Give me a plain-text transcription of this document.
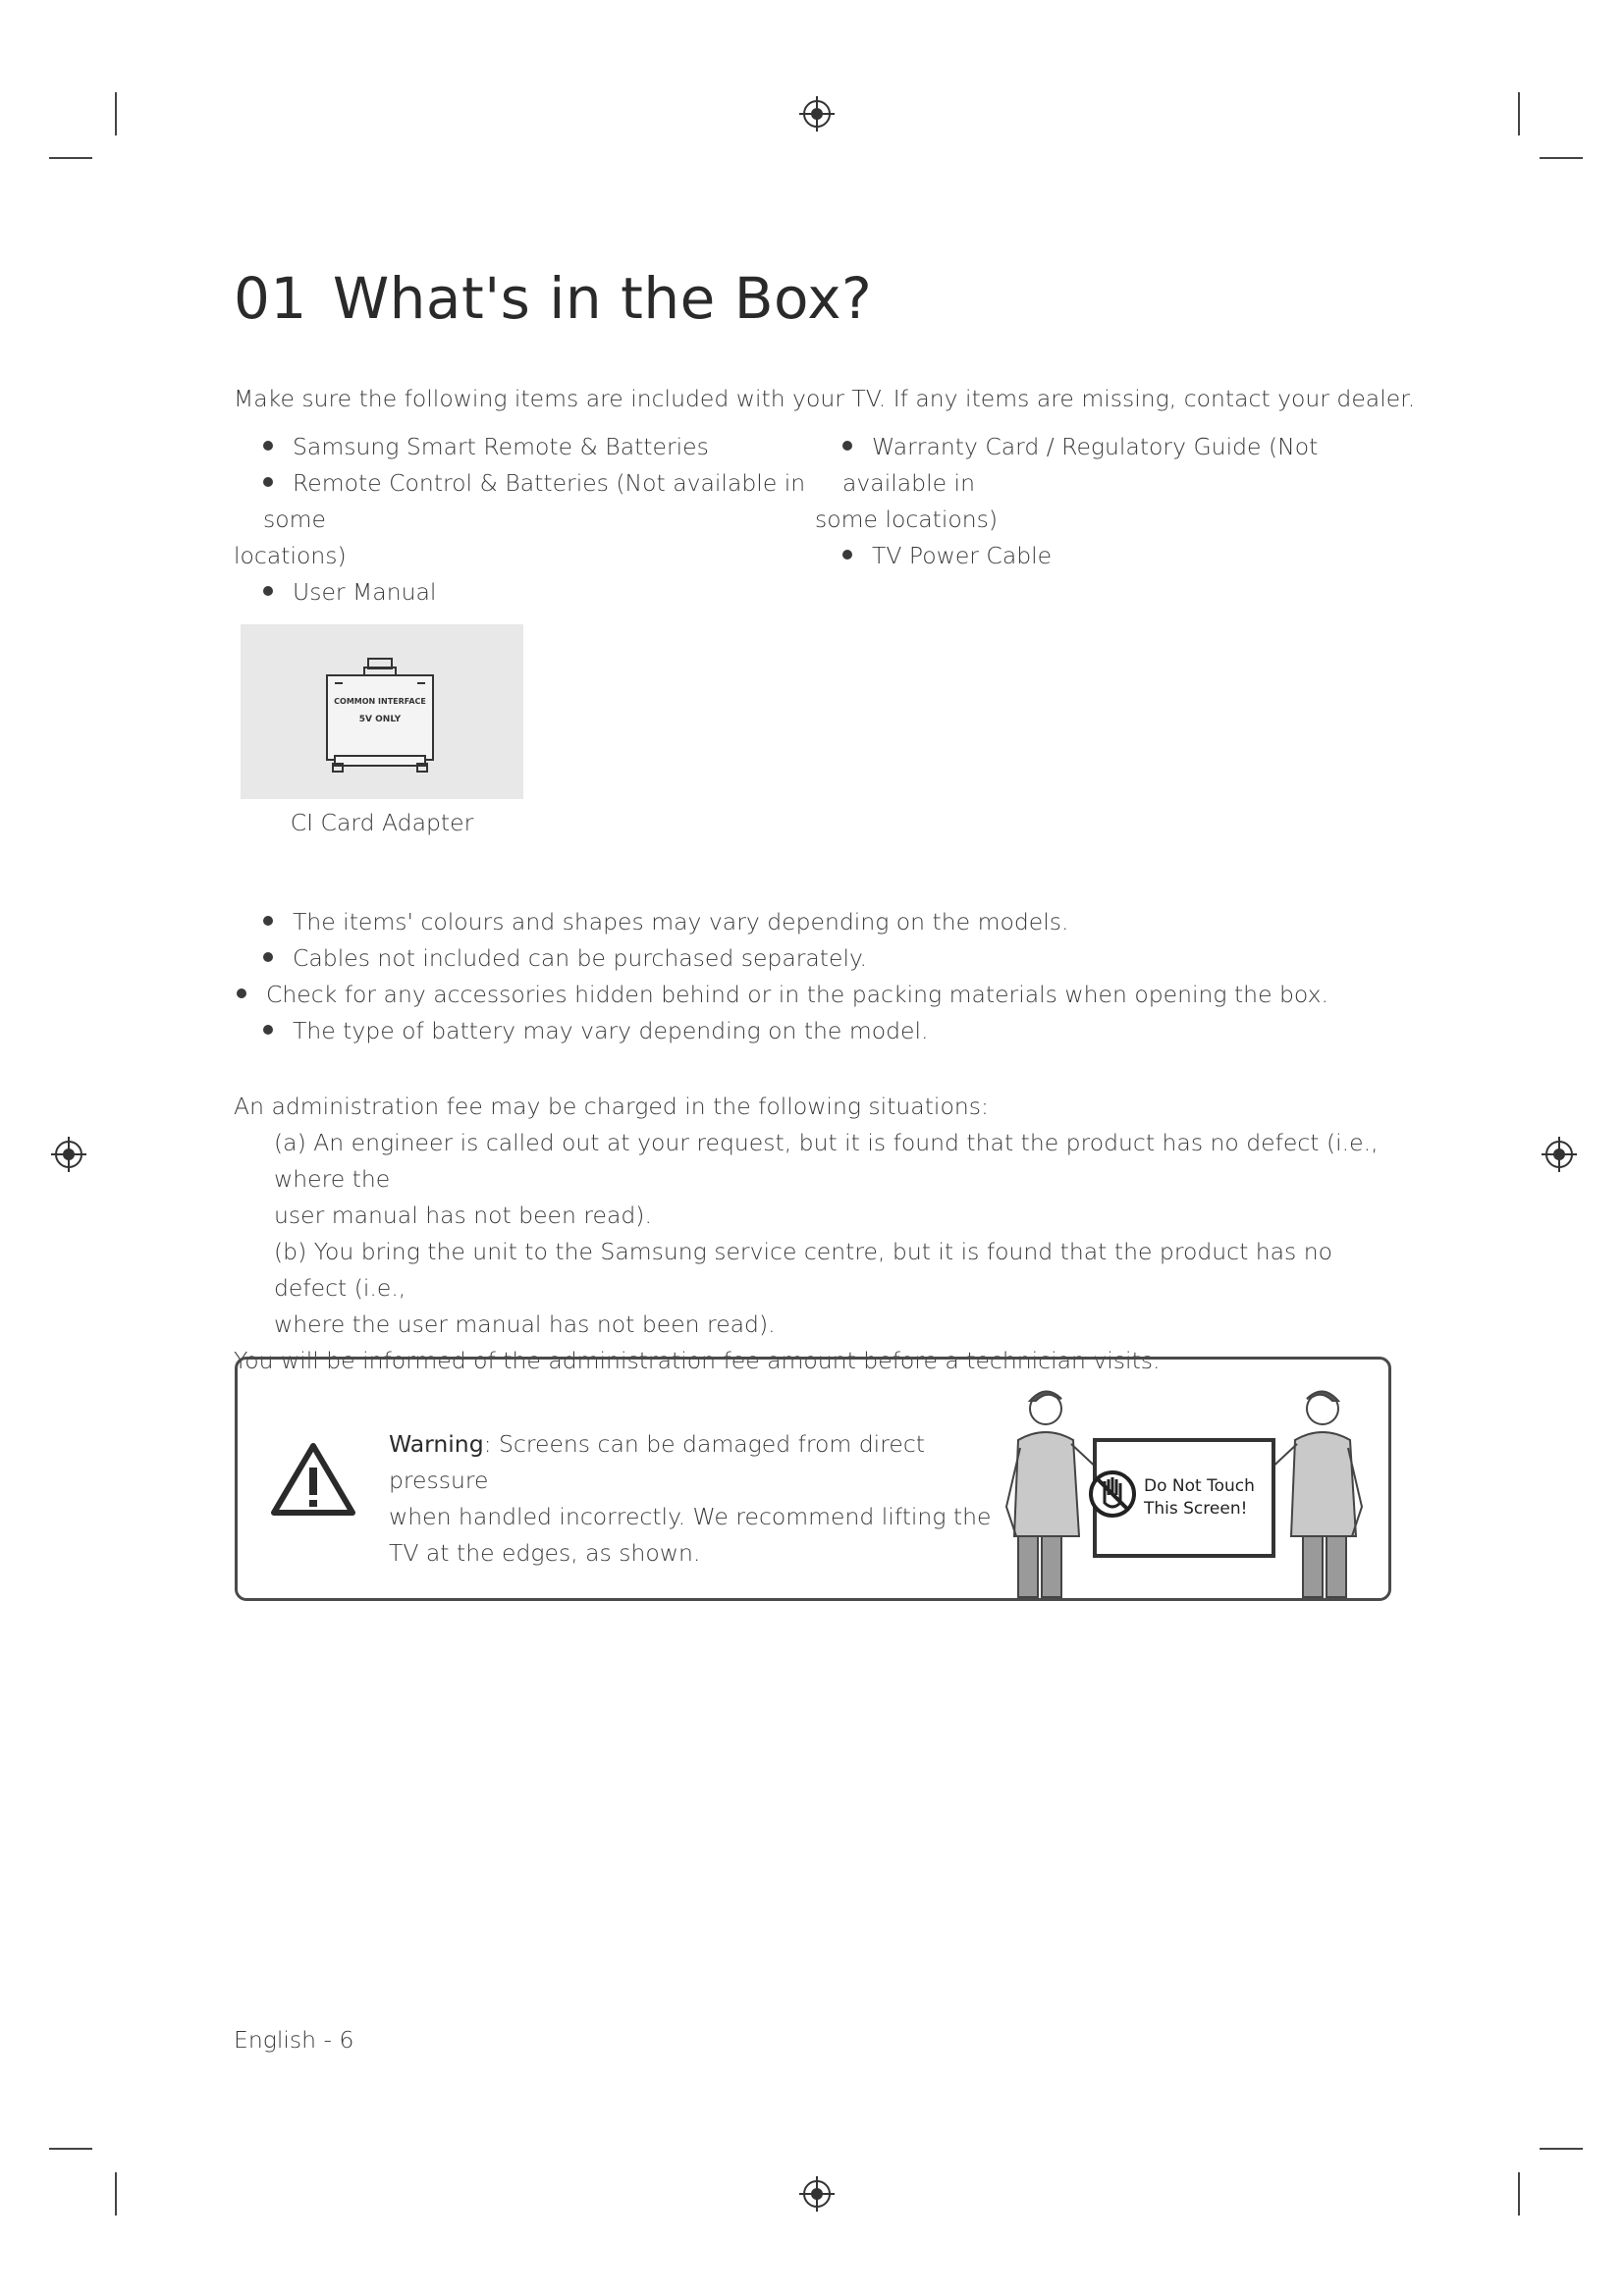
01 What's in the Box?
Make sure the following items are included with your TV. If any items are missing, contact your dealer.
Samsung Smart Remote & Batteries
Remote Control & Batteries (Not available in some
locations)
User Manual
Warranty Card / Regulatory Guide (Not available in
some locations)
TV Power Cable
COMMON INTERFACE
5V ONLY
CI Card Adapter
The items' colours and shapes may vary depending on the models.
Cables not included can be purchased separately.
Check for any accessories hidden behind or in the packing materials when opening the box.
The type of battery may vary depending on the model.
An administration fee may be charged in the following situations:
(a) An engineer is called out at your request, but it is found that the product has no defect (i.e., where the
user manual has not been read).
(b) You bring the unit to the Samsung service centre, but it is found that the product has no defect (i.e.,
where the user manual has not been read).
You will be informed of the administration fee amount before a technician visits.
Warning: Screens can be damaged from direct pressure
when handled incorrectly. We recommend lifting the
TV at the edges, as shown.
Do Not Touch
This Screen!
English - 6
